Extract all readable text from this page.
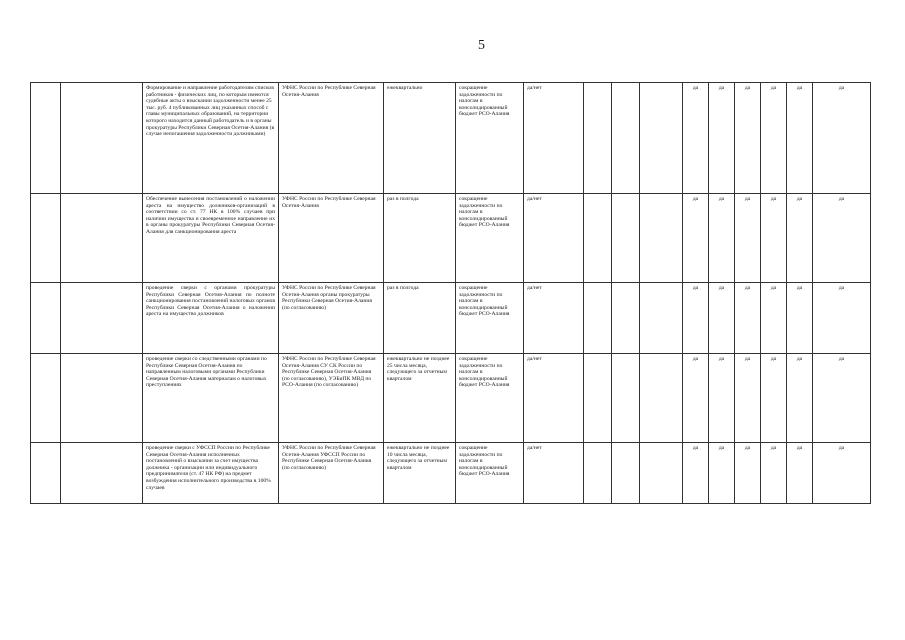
5
		Формирование и направление работодателям списков работников - физических лиц, по которым имеются судебные акты о взыскании задолженности менее 25 тыс. руб. 4 публикованных лиц указанных способ с главы муниципальных образований, на территории которого находится данный работодатель и в органы прокуратуры Республики Северная Осетия-Алания (в случае непогашения задолженности должниками)	УФНС России по Республике Северная Осетия-Алания	ежеквартально	сокращение задолженности по налогам в консолидированный бюджет РСО-Алания	да/нет				да	да	да	да	да	да
		Обеспечение вынесения постановлений о наложении ареста на имущество должников-организаций в соответствии со ст. 77 НК в 100% случаев при наличии имущества и своевременное направление их в органы прокуратуры Республики Северная Осетия-Алания для санкционирования ареста	УФНС России по Республике Северная Осетия-Алания	раз в полгода	сокращение задолженности по налогам в консолидированный бюджет РСО-Алания	да/нет				да	да	да	да	да	да
		проведение сверки с органами прокуратуры Республики Северная Осетия-Алания по полноте санкционирования постановлений налоговых органов Республики Северная Осетия-Алания о наложении ареста на имущество должников	УФНС России по Республике Северная Осетия-Алания органы прокуратуры Республики Северная Осетия-Алания (по согласованию)	раз в полгода	сокращение задолженности по налогам в консолидированный бюджет РСО-Алания	да/нет				да	да	да	да	да	да
		проведение сверки со следственными органами по Республике Северная Осетия-Алания по направленным налоговыми органами Республики Северная Осетия-Алания материалам о налоговых преступлениях	УФНС России по Республике Северная Осетия-Алания СУ СК России по Республике Северная Осетия-Алания (по согласованию), УЭБиПК МВД по РСО-Алания (по согласованию)	ежеквартально не позднее 25 числа месяца, следующего за отчетным кварталом	сокращение задолженности по налогам в консолидированный бюджет РСО-Алания	да/нет				да	да	да	да	да	да
		проведение сверки с УФССП России по Республике Северная Осетия-Алания исполненных постановлений о взыскании за счет имущества должника - организации или индивидуального предпринимателя (ст. 47 НК РФ) на предмет возбуждения исполнительного производства в 100% случаев	УФНС России по Республике Северная Осетия-Алания УФССП России по Республике Северная Осетия-Алания (по согласованию)	ежеквартально не позднее 10 числа месяца, следующего за отчетным кварталом	сокращение задолженности по налогам в консолидированный бюджет РСО-Алания	да/нет				да	да	да	да	да	да
